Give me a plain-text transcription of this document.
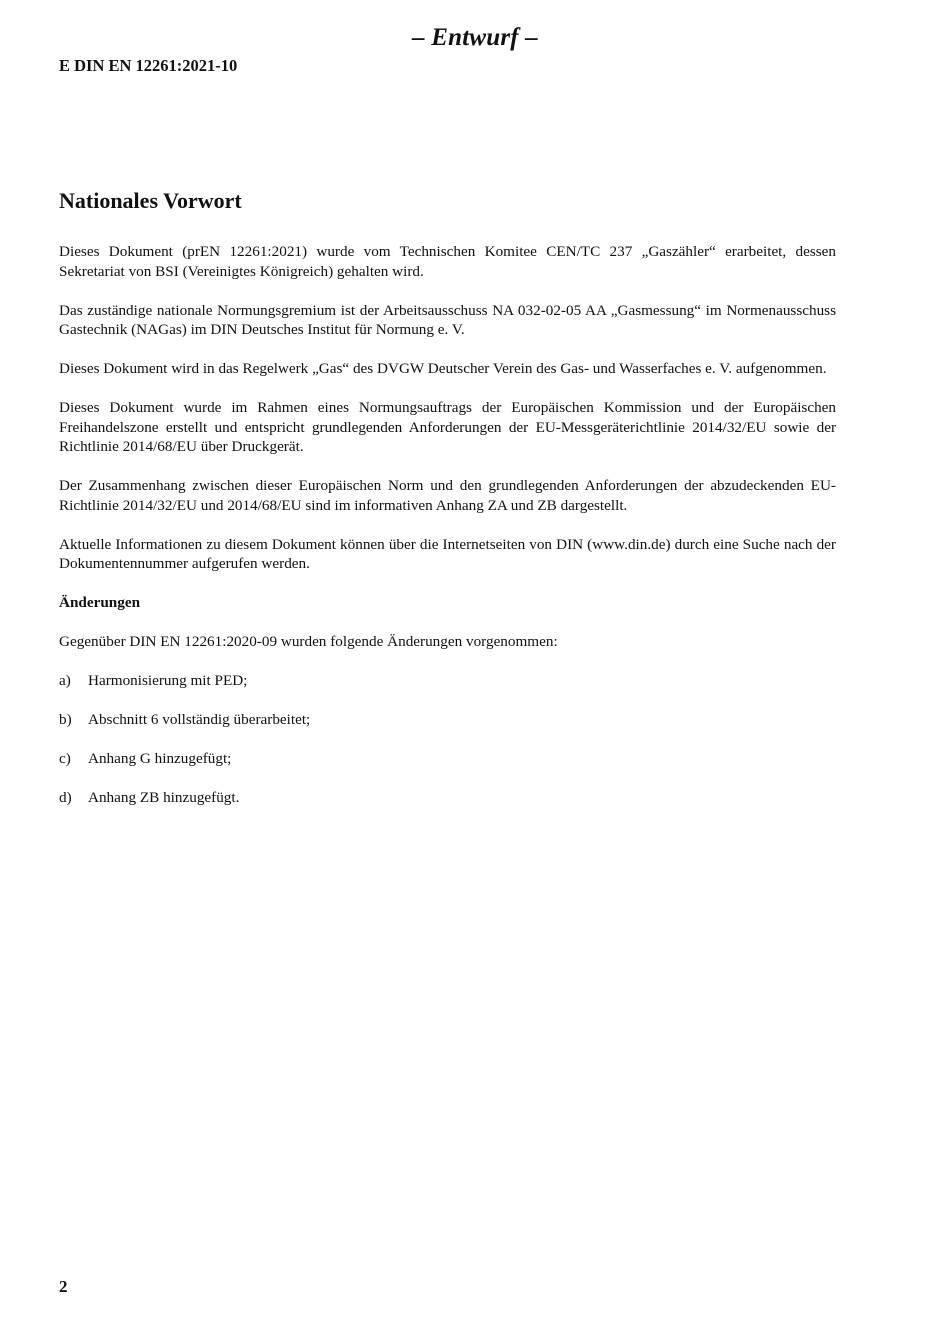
– Entwurf –
E DIN EN 12261:2021-10
Nationales Vorwort

Dieses Dokument (prEN 12261:2021) wurde vom Technischen Komitee CEN/TC 237 „Gaszähler“ erarbeitet, dessen Sekretariat von BSI (Vereinigtes Königreich) gehalten wird.

Das zuständige nationale Normungsgremium ist der Arbeitsausschuss NA 032-02-05 AA „Gasmessung“ im Normenausschuss Gastechnik (NAGas) im DIN Deutsches Institut für Normung e. V.

Dieses Dokument wird in das Regelwerk „Gas“ des DVGW Deutscher Verein des Gas- und Wasserfaches e. V. aufgenommen.

Dieses Dokument wurde im Rahmen eines Normungsauftrags der Europäischen Kommission und der Europäischen Freihandelszone erstellt und entspricht grundlegenden Anforderungen der EU-Messgeräterichtlinie 2014/32/EU sowie der Richtlinie 2014/68/EU über Druckgerät.

Der Zusammenhang zwischen dieser Europäischen Norm und den grundlegenden Anforderungen der abzudeckenden EU-Richtlinie 2014/32/EU und 2014/68/EU sind im informativen Anhang ZA und ZB dargestellt.

Aktuelle Informationen zu diesem Dokument können über die Internetseiten von DIN (www.din.de) durch eine Suche nach der Dokumentennummer aufgerufen werden.

Änderungen

Gegenüber DIN EN 12261:2020-09 wurden folgende Änderungen vorgenommen:

a)	Harmonisierung mit PED;
b)	Abschnitt 6 vollständig überarbeitet;
c)	Anhang G hinzugefügt;
d)	Anhang ZB hinzugefügt.
2
